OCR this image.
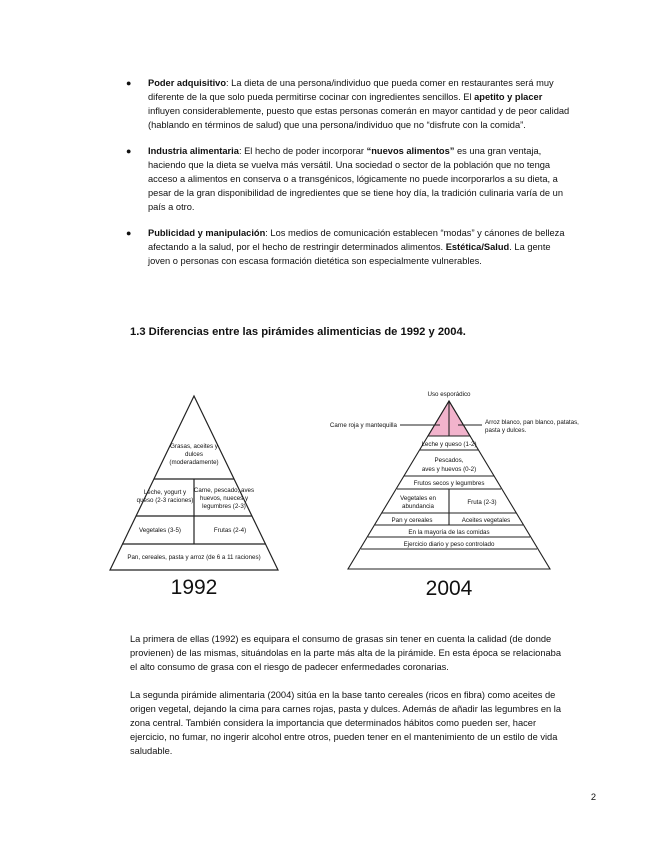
● Poder adquisitivo: La dieta de una persona/individuo que pueda comer en restaurantes será muy diferente de la que solo pueda permitirse cocinar con ingredientes sencillos. El apetito y placer influyen considerablemente, puesto que estas personas comerán en mayor cantidad y de peor calidad (hablando en términos de salud) que una persona/individuo que no “disfrute con la comida”.
● Industria alimentaria: El hecho de poder incorporar “nuevos alimentos” es una gran ventaja, haciendo que la dieta se vuelva más versátil. Una sociedad o sector de la población que no tenga acceso a alimentos en conserva o a transgénicos, lógicamente no puede incorporarlos a su dieta, a pesar de la gran disponibilidad de ingredientes que se tiene hoy día, la tradición culinaria varía de un país a otro.
● Publicidad y manipulación: Los medios de comunicación establecen “modas” y cánones de belleza afectando a la salud, por el hecho de restringir determinados alimentos. Estética/Salud. La gente joven o personas con escasa formación dietética son especialmente vulnerables.
1.3 Diferencias entre las pirámides alimenticias de 1992 y 2004.
Grasas, aceites y
dulces
(moderadamente)
Leche, yogurt y
queso (2-3 raciones)
Carne, pescado, aves
huevos, nueces y
legumbres (2-3)
Vegetales (3-5)	Frutas (2-4)
Pan, cereales, pasta y arroz (de 6 a 11 raciones)
1992
Uso esporádico
Carne roja y mantequilla	Arroz blanco, pan blanco, patatas,
pasta y dulces.
Leche y queso (1-2)
Pescados,
aves y huevos (0-2)
Frutos secos y legumbres
Vegetales en
abundancia
Fruta (2-3)
Pan y cereales	Aceites vegetales
En la mayoría de las comidas
Ejercicio diario y peso controlado
2004
La primera de ellas (1992) es equipara el consumo de grasas sin tener en cuenta la calidad (de donde provienen) de las mismas, situándolas en la parte más alta de la pirámide. En esta época se relacionaba el alto consumo de grasa con el riesgo de padecer enfermedades coronarias.
La segunda pirámide alimentaria (2004) sitúa en la base tanto cereales (ricos en fibra) como aceites de origen vegetal, dejando la cima para carnes rojas, pasta y dulces. Además de añadir las legumbres en la zona central. También considera la importancia que determinados hábitos como pueden ser, hacer ejercicio, no fumar, no ingerir alcohol entre otros, pueden tener en el mantenimiento de un estilo de vida saludable.
2
